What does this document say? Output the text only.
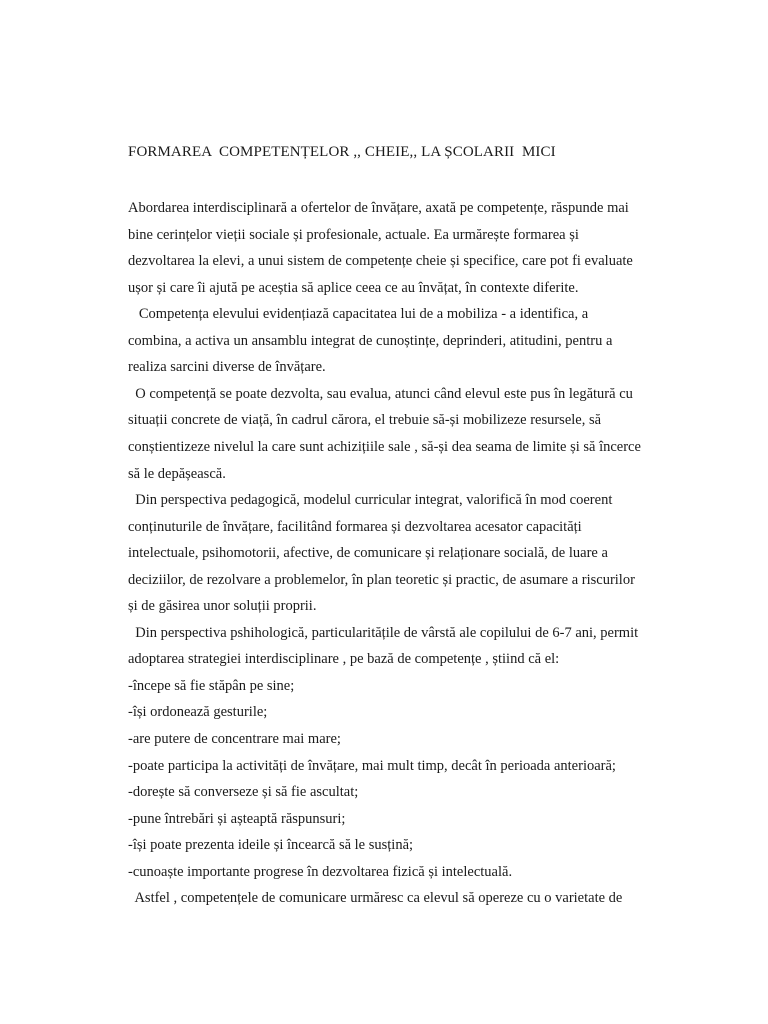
FORMAREA  COMPETENȚELOR ,, CHEIE,, LA ȘCOLARII  MICI
Abordarea interdisciplinară a ofertelor de învățare, axată pe competențe, răspunde mai
bine cerințelor vieții sociale și profesionale, actuale. Ea urmărește formarea și
dezvoltarea la elevi, a unui sistem de competențe cheie și specifice, care pot fi evaluate
ușor și care îi ajută pe aceștia să aplice ceea ce au învățat, în contexte diferite.
Competența elevului evidențiază capacitatea lui de a mobiliza - a identifica, a
combina, a activa un ansamblu integrat de cunoștințe, deprinderi, atitudini, pentru a
realiza sarcini diverse de învățare.
O competență se poate dezvolta, sau evalua, atunci când elevul este pus în legătură cu
situații concrete de viață, în cadrul cărora, el trebuie să-și mobilizeze resursele, să
conștientizeze nivelul la care sunt achizițiile sale , să-și dea seama de limite și să încerce
să le depășească.
Din perspectiva pedagogică, modelul curricular integrat, valorifică în mod coerent
conținuturile de învățare, facilitând formarea și dezvoltarea acesator capacități
intelectuale, psihomotorii, afective, de comunicare și relaționare socială, de luare a
deciziilor, de rezolvare a problemelor, în plan teoretic și practic, de asumare a riscurilor
și de găsirea unor soluții proprii.
Din perspectiva pshihologică, particularitățile de vârstă ale copilului de 6-7 ani, permit
adoptarea strategiei interdisciplinare , pe bază de competențe , știind că el:
-începe să fie stăpân pe sine;
-își ordonează gesturile;
-are putere de concentrare mai mare;
-poate participa la activități de învățare, mai mult timp, decât în perioada anterioară;
-dorește să converseze și să fie ascultat;
-pune întrebări și așteaptă răspunsuri;
-își poate prezenta ideile și încearcă să le susțină;
-cunoaște importante progrese în dezvoltarea fizică și intelectuală.
Astfel , competențele de comunicare urmăresc ca elevul să opereze cu o varietate de
